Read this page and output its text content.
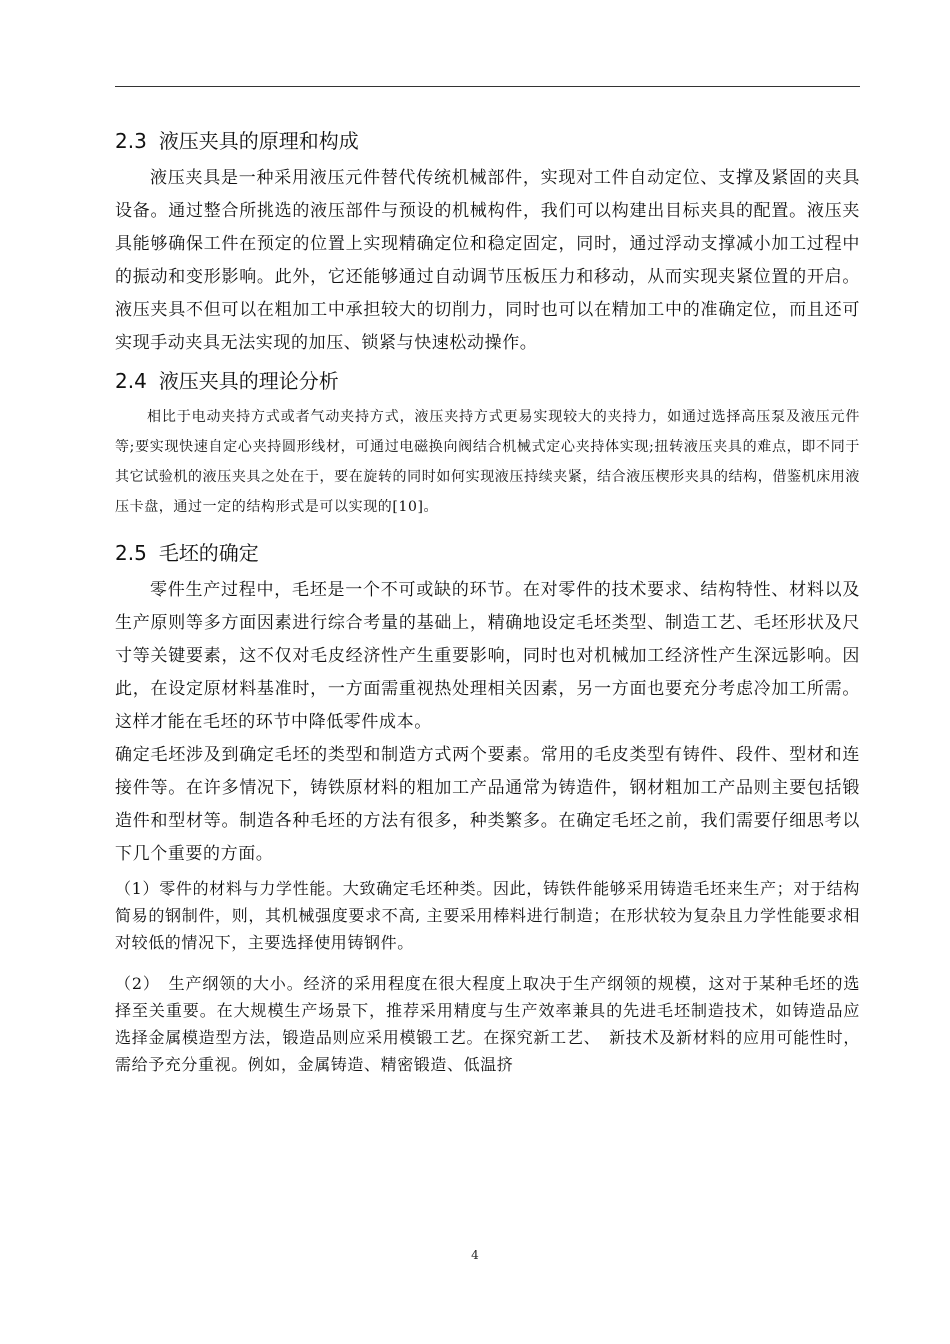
2.3 液压夹具的原理和构成

液压夹具是一种采用液压元件替代传统机械部件，实现对工件自动定位、支撑及紧固的夹具设备。通过整合所挑选的液压部件与预设的机械构件，我们可以构建出目标夹具的配置。液压夹具能够确保工件在预定的位置上实现精确定位和稳定固定，同时，通过浮动支撑减小加工过程中的振动和变形影响。此外，它还能够通过自动调节压板压力和移动，从而实现夹紧位置的开启。液压夹具不但可以在粗加工中承担较大的切削力，同时也可以在精加工中的准确定位，而且还可实现手动夹具无法实现的加压、锁紧与快速松动操作。

2.4 液压夹具的理论分析

相比于电动夹持方式或者气动夹持方式，液压夹持方式更易实现较大的夹持力，如通过选择高压泵及液压元件等;要实现快速自定心夹持圆形线材，可通过电磁换向阀结合机械式定心夹持体实现;扭转液压夹具的难点，即不同于其它试验机的液压夹具之处在于，要在旋转的同时如何实现液压持续夹紧，结合液压楔形夹具的结构，借鉴机床用液压卡盘，通过一定的结构形式是可以实现的[10]。

2.5 毛坯的确定

零件生产过程中，毛坯是一个不可或缺的环节。在对零件的技术要求、结构特性、材料以及生产原则等多方面因素进行综合考量的基础上，精确地设定毛坯类型、制造工艺、毛坯形状及尺寸等关键要素，这不仅对毛皮经济性产生重要影响，同时也对机械加工经济性产生深远影响。因此，在设定原材料基准时，一方面需重视热处理相关因素，另一方面也要充分考虑冷加工所需。这样才能在毛坯的环节中降低零件成本。

确定毛坯涉及到确定毛坯的类型和制造方式两个要素。常用的毛皮类型有铸件、段件、型材和连接件等。在许多情况下，铸铁原材料的粗加工产品通常为铸造件，钢材粗加工产品则主要包括锻造件和型材等。制造各种毛坯的方法有很多，种类繁多。在确定毛坯之前，我们需要仔细思考以下几个重要的方面。

（1）零件的材料与力学性能。大致确定毛坯种类。因此，铸铁件能够采用铸造毛坯来生产；对于结构简易的钢制件，则，其机械强度要求不高, 主要采用棒料进行制造；在形状较为复杂且力学性能要求相对较低的情况下，主要选择使用铸钢件。

（2）　生产纲领的大小。经济的采用程度在很大程度上取决于生产纲领的规模，这对于某种毛坯的选择至关重要。在大规模生产场景下，推荐采用精度与生产效率兼具的先进毛坯制造技术，如铸造品应选择金属模造型方法，锻造品则应采用模锻工艺。在探究新工艺、　新技术及新材料的应用可能性时，需给予充分重视。例如，金属铸造、精密锻造、低温挤

4
